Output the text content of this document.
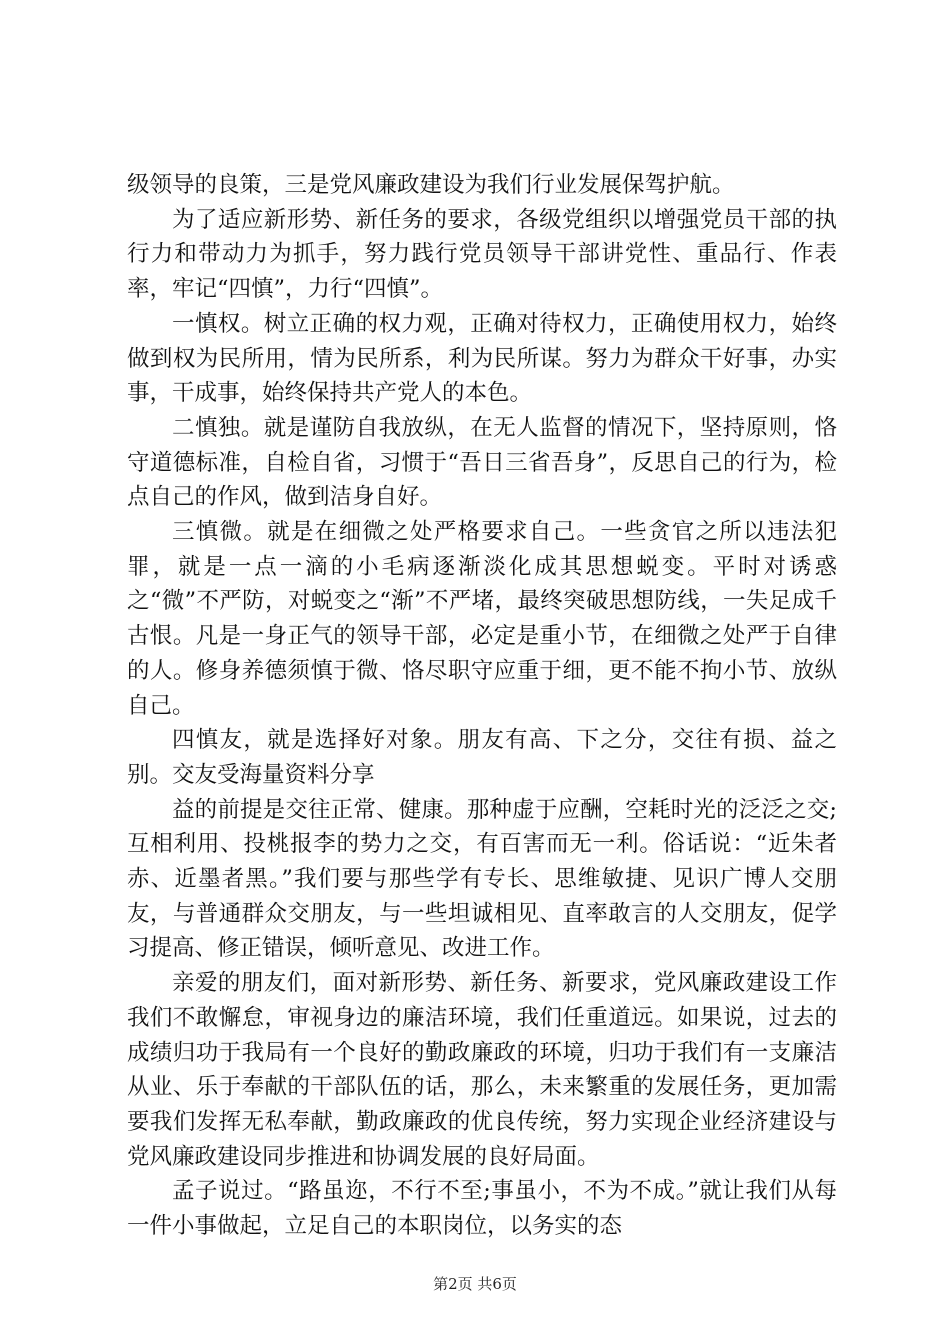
级领导的良策，三是党风廉政建设为我们行业发展保驾护航。

为了适应新形势、新任务的要求，各级党组织以增强党员干部的执行力和带动力为抓手，努力践行党员领导干部讲党性、重品行、作表率，牢记“四慎”，力行“四慎”。

一慎权。树立正确的权力观，正确对待权力，正确使用权力，始终做到权为民所用，情为民所系，利为民所谋。努力为群众干好事，办实事，干成事，始终保持共产党人的本色。

二慎独。就是谨防自我放纵，在无人监督的情况下，坚持原则，恪守道德标准，自检自省，习惯于“吾日三省吾身”，反思自己的行为，检点自己的作风，做到洁身自好。

三慎微。就是在细微之处严格要求自己。一些贪官之所以违法犯罪，就是一点一滴的小毛病逐渐淡化成其思想蜕变。平时对诱惑之“微”不严防，对蜕变之“渐”不严堵，最终突破思想防线，一失足成千古恨。凡是一身正气的领导干部，必定是重小节，在细微之处严于自律的人。修身养德须慎于微、恪尽职守应重于细，更不能不拘小节、放纵自己。

四慎友，就是选择好对象。朋友有高、下之分，交往有损、益之别。交友受海量资料分享

益的前提是交往正常、健康。那种虚于应酬，空耗时光的泛泛之交;互相利用、投桃报李的势力之交，有百害而无一利。俗话说：“近朱者赤、近墨者黑。”我们要与那些学有专长、思维敏捷、见识广博人交朋友，与普通群众交朋友，与一些坦诚相见、直率敢言的人交朋友，促学习提高、修正错误，倾听意见、改进工作。

亲爱的朋友们，面对新形势、新任务、新要求，党风廉政建设工作我们不敢懈怠，审视身边的廉洁环境，我们任重道远。如果说，过去的成绩归功于我局有一个良好的勤政廉政的环境，归功于我们有一支廉洁从业、乐于奉献的干部队伍的话，那么，未来繁重的发展任务，更加需要我们发挥无私奉献，勤政廉政的优良传统，努力实现企业经济建设与党风廉政建设同步推进和协调发展的良好局面。

孟子说过。“路虽迩，不行不至;事虽小，不为不成。”就让我们从每一件小事做起，立足自己的本职岗位，以务实的态

第2页 共6页
